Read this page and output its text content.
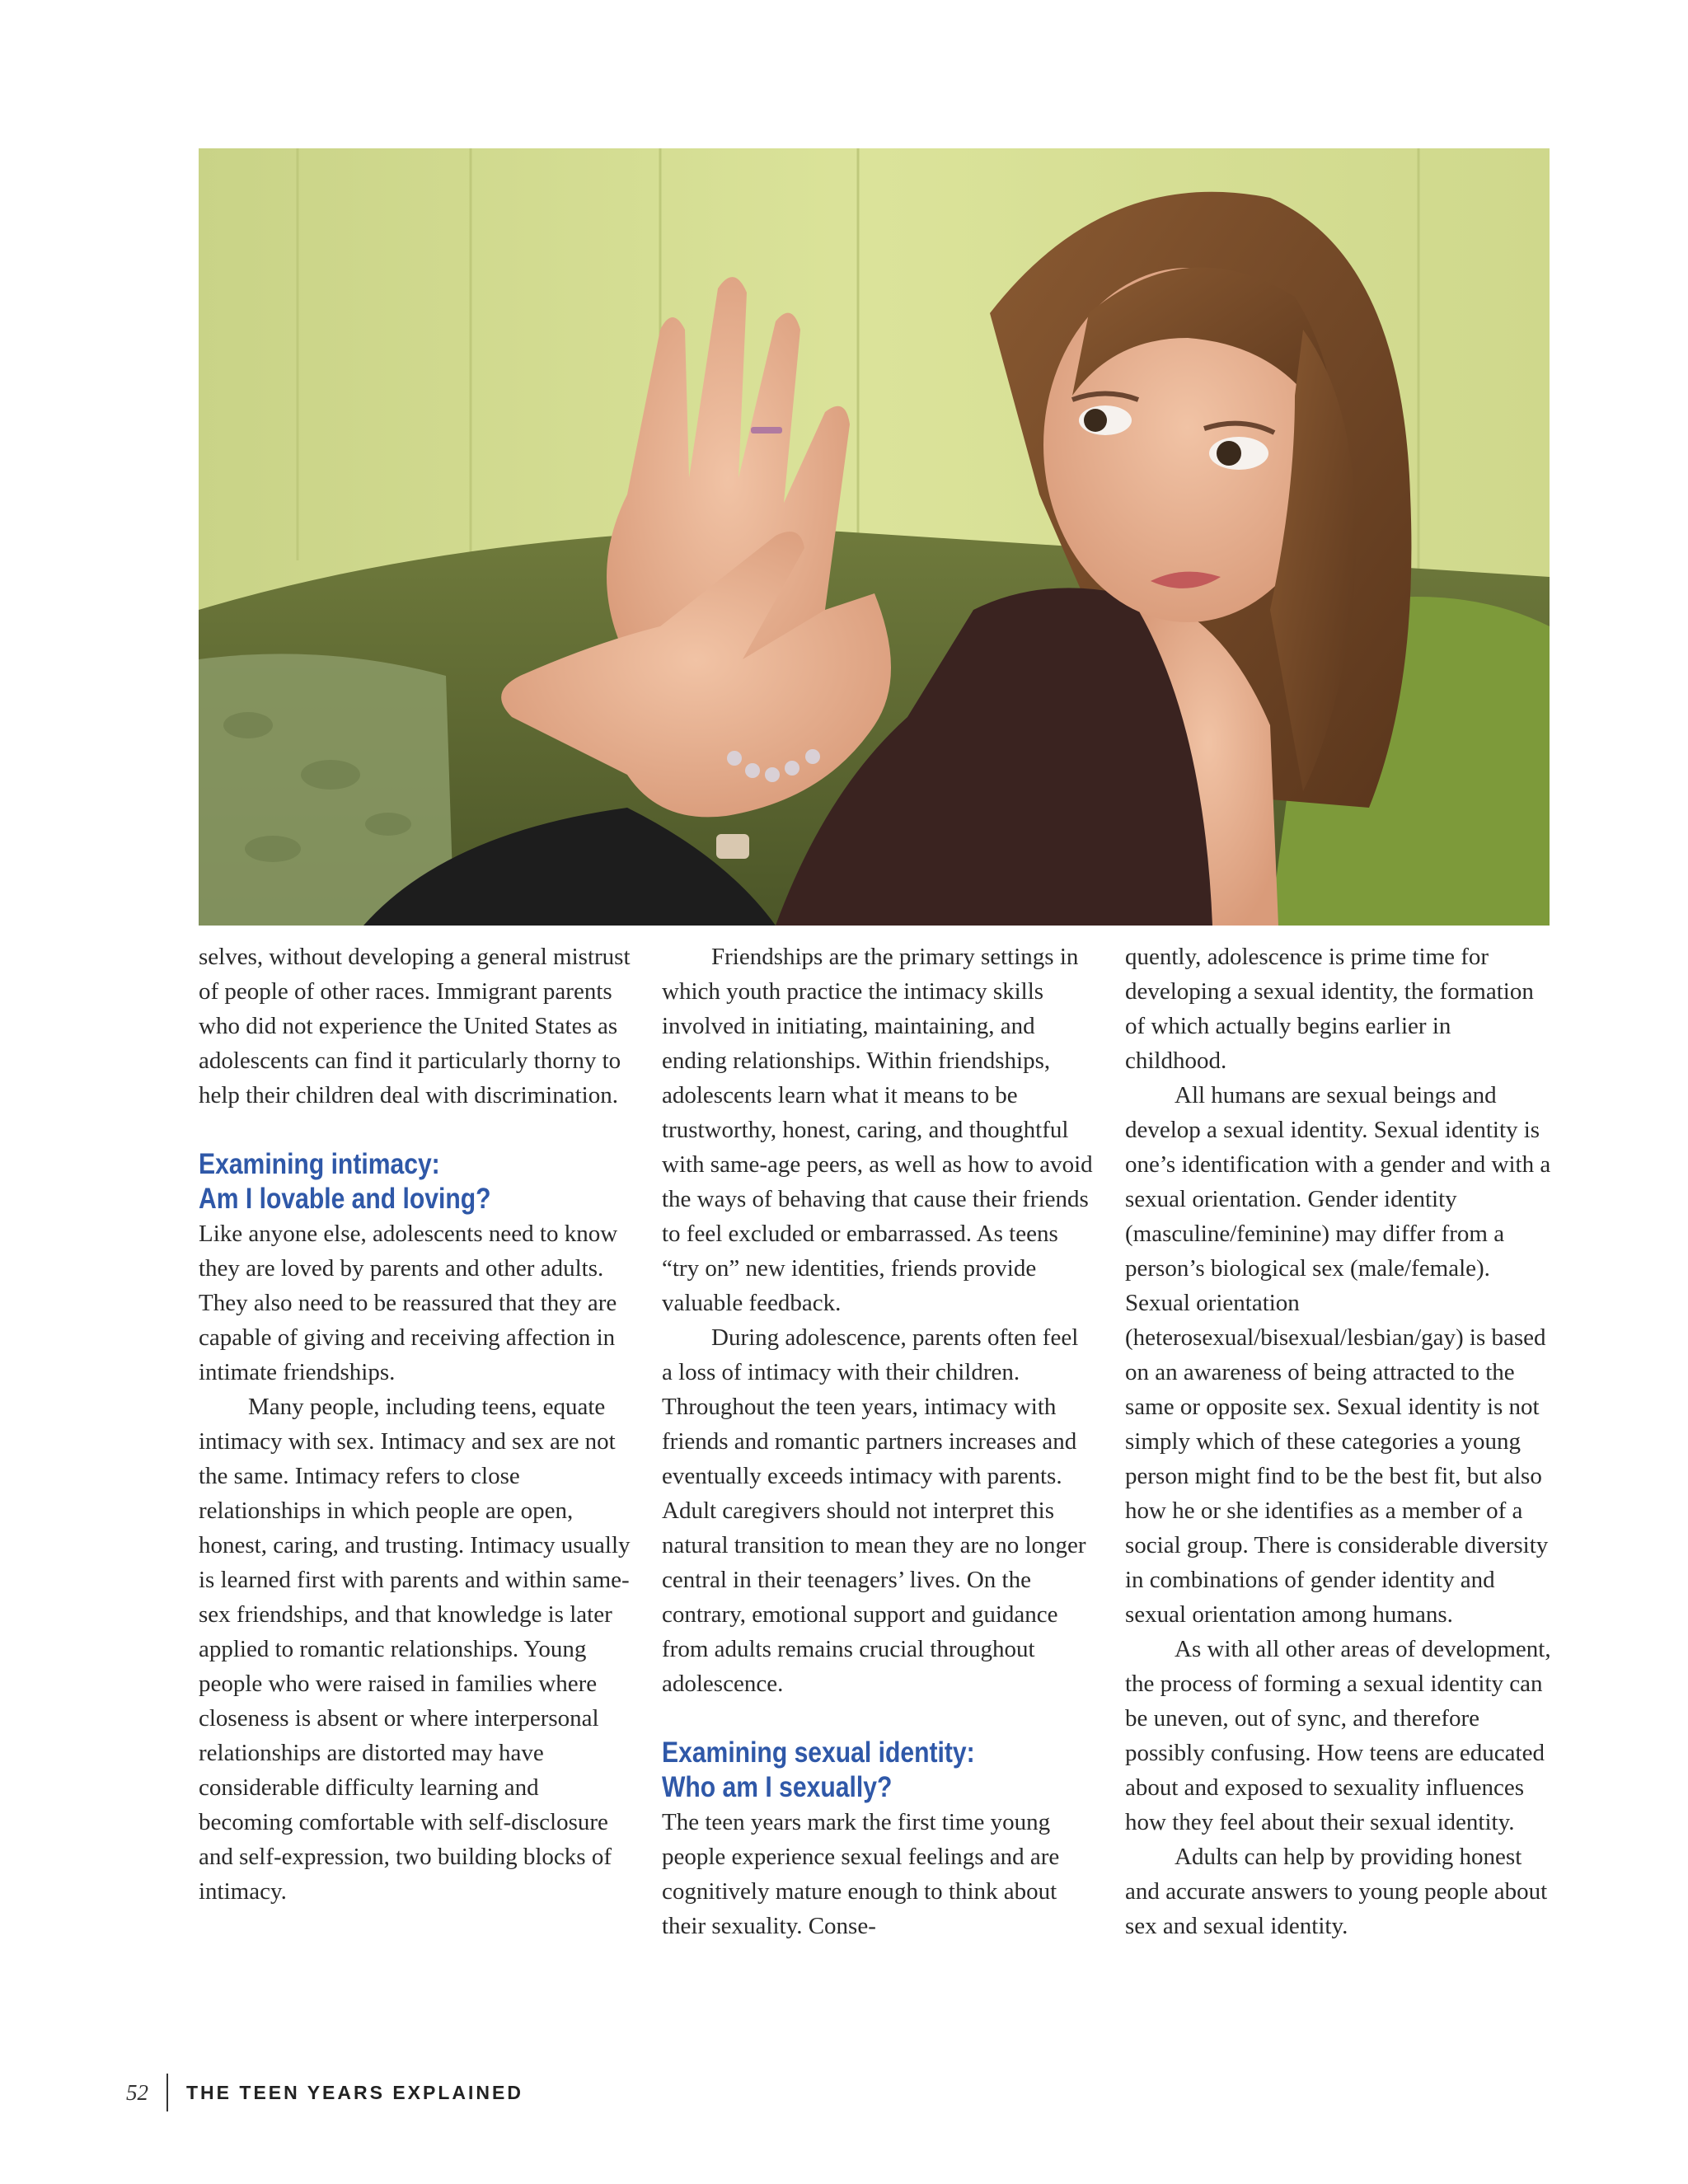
selves, without developing a general mistrust of people of other races. Immigrant parents who did not experience the United States as adolescents can find it particularly thorny to help their children deal with discrimination.

Examining intimacy:
Am I lovable and loving?

Like anyone else, adolescents need to know they are loved by parents and other adults. They also need to be reassured that they are capable of giving and receiving affection in intimate friendships.

Many people, including teens, equate intimacy with sex. Intimacy and sex are not the same. Intimacy refers to close relationships in which people are open, honest, caring, and trusting. Intimacy usually is learned first with parents and within same-sex friendships, and that knowledge is later applied to romantic relationships. Young people who were raised in families where closeness is absent or where interpersonal relationships are distorted may have considerable difficulty learning and becoming comfortable with self-disclosure and self-expression, two building blocks of intimacy.

Friendships are the primary settings in which youth practice the intimacy skills involved in initiating, maintaining, and ending relationships. Within friendships, adolescents learn what it means to be trustworthy, honest, caring, and thoughtful with same-age peers, as well as how to avoid the ways of behaving that cause their friends to feel excluded or embarrassed. As teens “try on” new identities, friends provide valuable feedback.

During adolescence, parents often feel a loss of intimacy with their children. Throughout the teen years, intimacy with friends and romantic partners increases and eventually exceeds intimacy with parents. Adult caregivers should not interpret this natural transition to mean they are no longer central in their teenagers’ lives. On the contrary, emotional support and guidance from adults remains crucial throughout adolescence.

Examining sexual identity:
Who am I sexually?

The teen years mark the first time young people experience sexual feelings and are cognitively mature enough to think about their sexuality. Conse-

quently, adolescence is prime time for developing a sexual identity, the formation of which actually begins earlier in childhood.

All humans are sexual beings and develop a sexual identity. Sexual identity is one’s identification with a gender and with a sexual orientation. Gender identity (masculine/feminine) may differ from a person’s biological sex (male/female). Sexual orientation (heterosexual/bisexual/lesbian/gay) is based on an awareness of being attracted to the same or opposite sex. Sexual identity is not simply which of these categories a young person might find to be the best fit, but also how he or she identifies as a member of a social group. There is considerable diversity in combinations of gender identity and sexual orientation among humans.

As with all other areas of development, the process of forming a sexual identity can be uneven, out of sync, and therefore possibly confusing. How teens are educated about and exposed to sexuality influences how they feel about their sexual identity.

Adults can help by providing honest and accurate answers to young people about sex and sexual identity.

52	THE TEEN YEARS EXPLAINED
